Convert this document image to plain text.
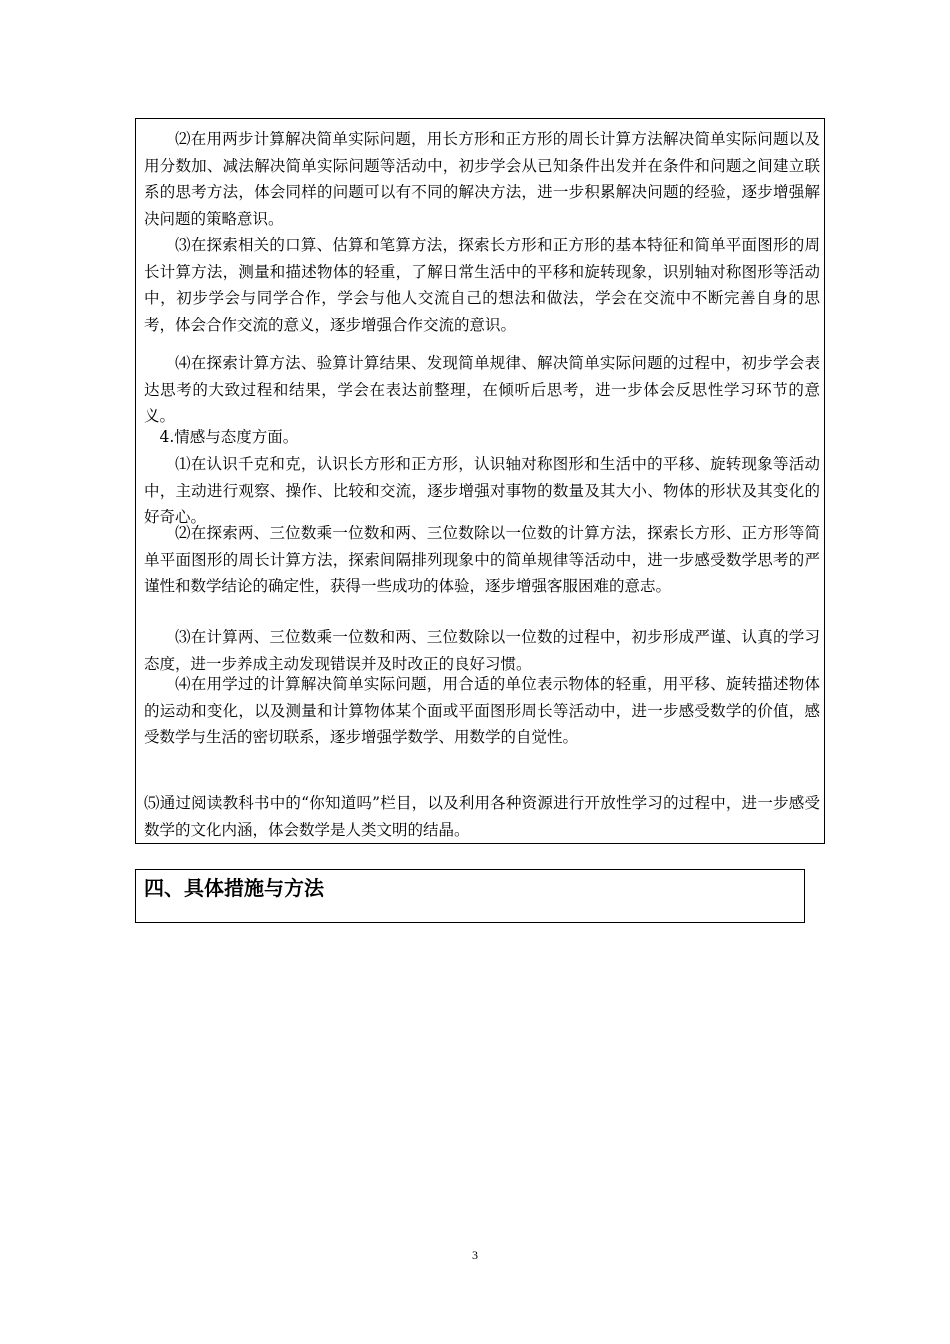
⑵在用两步计算解决简单实际问题，用长方形和正方形的周长计算方法解决简单实际问题以及用分数加、减法解决简单实际问题等活动中，初步学会从已知条件出发并在条件和问题之间建立联系的思考方法，体会同样的问题可以有不同的解决方法，进一步积累解决问题的经验，逐步增强解决问题的策略意识。

⑶在探索相关的口算、估算和笔算方法，探索长方形和正方形的基本特征和简单平面图形的周长计算方法，测量和描述物体的轻重，了解日常生活中的平移和旋转现象，识别轴对称图形等活动中，初步学会与同学合作，学会与他人交流自己的想法和做法，学会在交流中不断完善自身的思考，体会合作交流的意义，逐步增强合作交流的意识。

⑷在探索计算方法、验算计算结果、发现简单规律、解决简单实际问题的过程中，初步学会表达思考的大致过程和结果，学会在表达前整理，在倾听后思考，进一步体会反思性学习环节的意义。

4.情感与态度方面。

⑴在认识千克和克，认识长方形和正方形，认识轴对称图形和生活中的平移、旋转现象等活动中，主动进行观察、操作、比较和交流，逐步增强对事物的数量及其大小、物体的形状及其变化的好奇心。

⑵在探索两、三位数乘一位数和两、三位数除以一位数的计算方法，探索长方形、正方形等简单平面图形的周长计算方法，探索间隔排列现象中的简单规律等活动中，进一步感受数学思考的严谨性和数学结论的确定性，获得一些成功的体验，逐步增强客服困难的意志。

⑶在计算两、三位数乘一位数和两、三位数除以一位数的过程中，初步形成严谨、认真的学习态度，进一步养成主动发现错误并及时改正的良好习惯。

⑷在用学过的计算解决简单实际问题，用合适的单位表示物体的轻重，用平移、旋转描述物体的运动和变化，以及测量和计算物体某个面或平面图形周长等活动中，进一步感受数学的价值，感受数学与生活的密切联系，逐步增强学数学、用数学的自觉性。

⑸通过阅读教科书中的“你知道吗”栏目，以及利用各种资源进行开放性学习的过程中，进一步感受数学的文化内涵，体会数学是人类文明的结晶。

四、具体措施与方法
3
